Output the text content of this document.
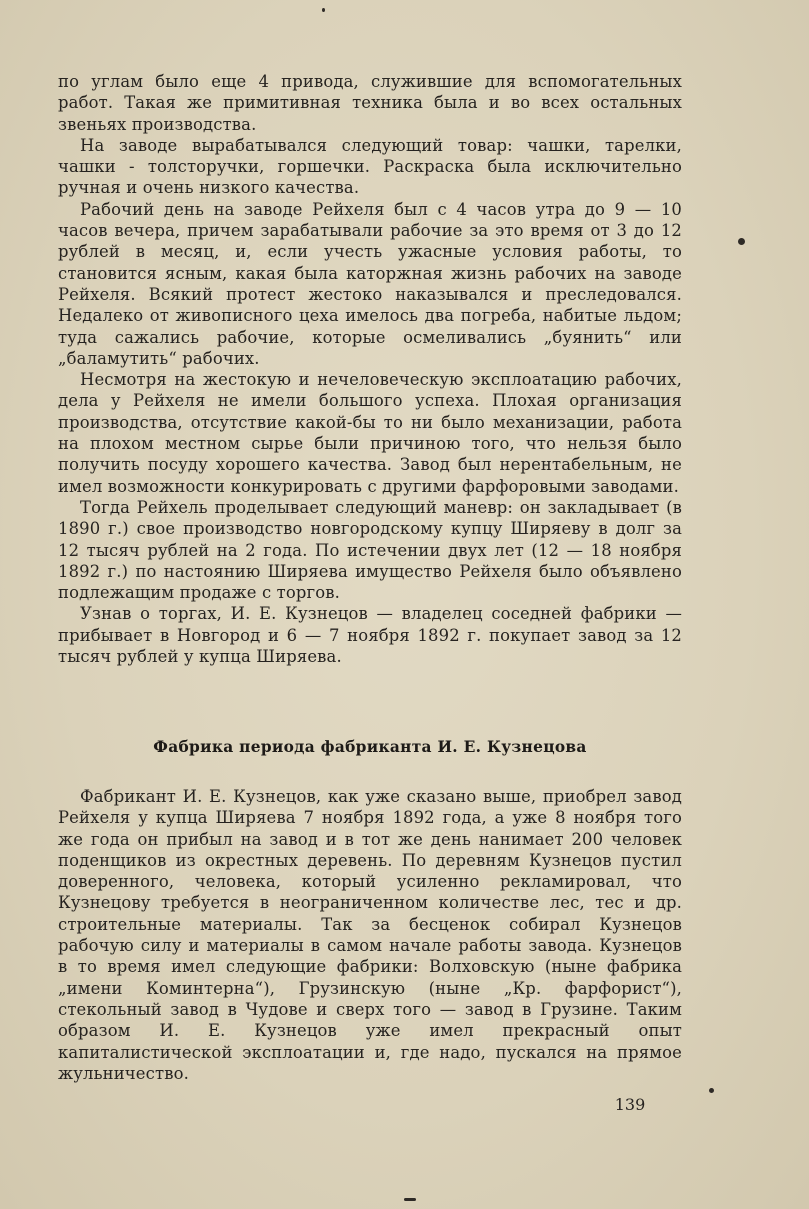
по углам было еще 4 привода, служившие для вспомогательных работ. Такая же примитивная техника была и во всех остальных звеньях производства.

На заводе вырабатывался следующий товар: чашки, тарелки, чашки - толсторучки, горшечки. Раскраска была исключительно ручная и очень низкого качества.

Рабочий день на заводе Рейхеля был с 4 часов утра до 9 — 10 часов вечера, причем зарабатывали рабочие за это время от 3 до 12 рублей в месяц, и, если учесть ужасные условия работы, то становится ясным, какая была каторжная жизнь рабочих на заводе Рейхеля. Всякий протест жестоко наказывался и преследовался. Недалеко от живописного цеха имелось два погреба, набитые льдом; туда сажались рабочие, которые осмеливались „буянить“ или „баламутить“ рабочих.

Несмотря на жестокую и нечеловеческую эксплоатацию рабочих, дела у Рейхеля не имели большого успеха. Плохая организация производства, отсутствие какой-бы то ни было механизации, работа на плохом местном сырье были причиною того, что нельзя было получить посуду хорошего качества. Завод был нерентабельным, не имел возможности конкурировать с другими фарфоровыми заводами.

Тогда Рейхель проделывает следующий маневр: он закладывает (в 1890 г.) свое производство новгородскому купцу Ширяеву в долг за 12 тысяч рублей на 2 года. По истечении двух лет (12 — 18 ноября 1892 г.) по настоянию Ширяева имущество Рейхеля было объявлено подлежащим продаже с торгов.

Узнав о торгах, И. Е. Кузнецов — владелец соседней фабрики — прибывает в Новгород и 6 — 7 ноября 1892 г. покупает завод за 12 тысяч рублей у купца Ширяева.

Фабрика периода фабриканта И. Е. Кузнецова

Фабрикант И. Е. Кузнецов, как уже сказано выше, приобрел завод Рейхеля у купца Ширяева 7 ноября 1892 года, а уже 8 ноября того же года он прибыл на завод и в тот же день нанимает 200 человек поденщиков из окрестных деревень. По деревням Кузнецов пустил доверенного, человека, который усиленно рекламировал, что Кузнецову требуется в неограниченном количестве лес, тес и др. строительные материалы. Так за бесценок собирал Кузнецов рабочую силу и материалы в самом начале работы завода. Кузнецов в то время имел следующие фабрики: Волховскую (ныне фабрика „имени Коминтерна“), Грузинскую (ныне „Кр. фарфорист“), стекольный завод в Чудове и сверх того — завод в Грузине. Таким образом И. Е. Кузнецов уже имел прекрасный опыт капиталистической эксплоатации и, где надо, пускался на прямое жульничество.

139
